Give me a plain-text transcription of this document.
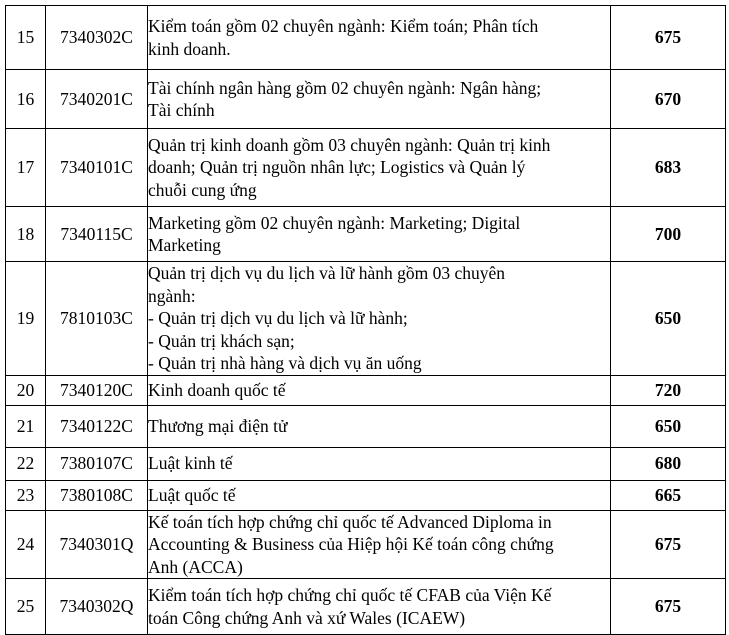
15	7340302C	Kiểm toán gồm 02 chuyên ngành: Kiểm toán; Phân tích
kinh doanh.	675
16	7340201C	Tài chính ngân hàng gồm 02 chuyên ngành: Ngân hàng;
Tài chính	670
17	7340101C	Quản trị kinh doanh gồm 03 chuyên ngành: Quản trị kinh
doanh; Quản trị nguồn nhân lực; Logistics và Quản lý
chuỗi cung ứng	683
18	7340115C	Marketing gồm 02 chuyên ngành: Marketing; Digital
Marketing	700
19	7810103C	Quản trị dịch vụ du lịch và lữ hành gồm 03 chuyên
ngành:
- Quản trị dịch vụ du lịch và lữ hành;
- Quản trị khách sạn;
- Quản trị nhà hàng và dịch vụ ăn uống	650
20	7340120C	Kinh doanh quốc tế	720
21	7340122C	Thương mại điện tử	650
22	7380107C	Luật kinh tế	680
23	7380108C	Luật quốc tế	665
24	7340301Q	Kế toán tích hợp chứng chỉ quốc tế Advanced Diploma in
Accounting & Business của Hiệp hội Kế toán công chứng
Anh (ACCA)	675
25	7340302Q	Kiểm toán tích hợp chứng chỉ quốc tế CFAB của Viện Kế
toán Công chứng Anh và xứ Wales (ICAEW)	675
